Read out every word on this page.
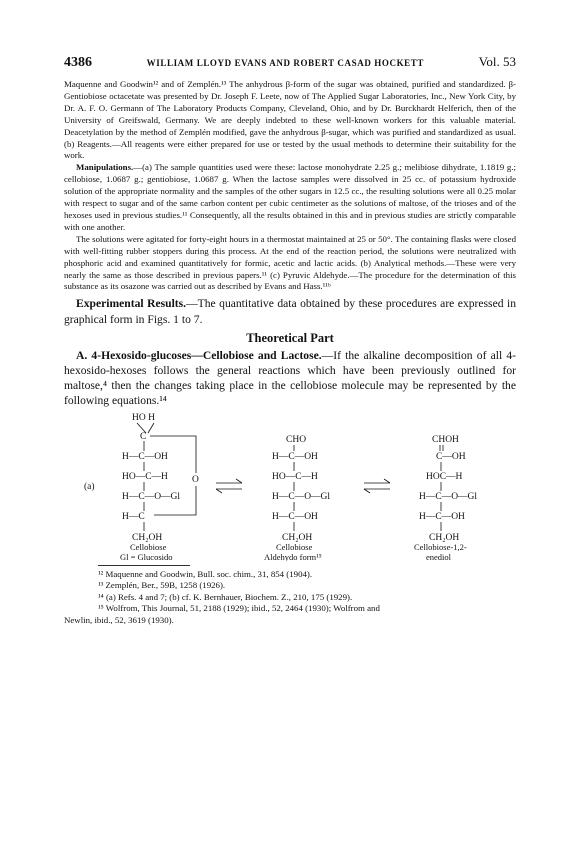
4386	WILLIAM LLOYD EVANS AND ROBERT CASAD HOCKETT	Vol. 53

Maquenne and Goodwin¹² and of Zemplén.¹³ The anhydrous β-form of the sugar was obtained, purified and standardized. β-Gentiobiose octacetate was presented by Dr. Joseph F. Leete, now of The Applied Sugar Laboratories, Inc., New York City, by Dr. A. F. O. Germann of The Laboratory Products Company, Cleveland, Ohio, and by Dr. Burckhardt Helferich, then of the University of Greifswald, Germany. We are deeply indebted to these well-known workers for this valuable material. Deacetylation by the method of Zemplén modified, gave the anhydrous β-sugar, which was purified and standardized as usual. (b) Reagents.—All reagents were either prepared for use or tested by the usual methods to determine their suitability for the work.

Manipulations.—(a) The sample quantities used were these: lactose monohydrate 2.25 g.; melibiose dihydrate, 1.1819 g.; cellobiose, 1.0687 g.; gentiobiose, 1.0687 g. When the lactose samples were dissolved in 25 cc. of potassium hydroxide solution of the appropriate normality and the samples of the other sugars in 12.5 cc., the resulting solutions were all 0.25 molar with respect to sugar and of the same carbon content per cubic centimeter as the solutions of maltose, of the trioses and of the hexoses used in previous studies.¹¹ Consequently, all the results obtained in this and in previous studies are strictly comparable with one another.

The solutions were agitated for forty-eight hours in a thermostat maintained at 25 or 50°. The containing flasks were closed with well-fitting rubber stoppers during this process. At the end of the reaction period, the solutions were neutralized with phosphoric acid and examined quantitatively for formic, acetic and lactic acids. (b) Analytical methods.—These were very nearly the same as those described in previous papers.¹¹ (c) Pyruvic Aldehyde.—The procedure for the determination of this substance as its osazone was carried out as described by Evans and Hass.¹¹ᵇ

Experimental Results.—The quantitative data obtained by these procedures are expressed in graphical form in Figs. 1 to 7.

Theoretical Part

A. 4-Hexosido-glucoses—Cellobiose and Lactose.—If the alkaline decomposition of all 4-hexosido-hexoses follows the general reactions which have been previously outlined for maltose,⁴ then the changes taking place in the cellobiose molecule may be represented by the following equations.¹⁴

HO H
C
H—C—OH
HO—C—H
H—C—O—Gl
H—C
CH₂OH
O
(a)
Cellobiose
Gl = Glucosido
CHO
H—C—OH
HO—C—H
H—C—O—Gl
H—C—OH
CH₂OH
Cellobiose
Aldehydo form¹⁵
CHOH
C—OH
HOC—H
H—C—O—Gl
H—C—OH
CH₂OH
Cellobiose-1,2-
enediol

¹² Maquenne and Goodwin, Bull. soc. chim., 31, 854 (1904).

¹³ Zemplén, Ber., 59B, 1258 (1926).

¹⁴ (a) Refs. 4 and 7; (b) cf. K. Bernhauer, Biochem. Z., 210, 175 (1929).

¹⁵ Wolfrom, This Journal, 51, 2188 (1929); ibid., 52, 2464 (1930); Wolfrom and

Newlin, ibid., 52, 3619 (1930).
